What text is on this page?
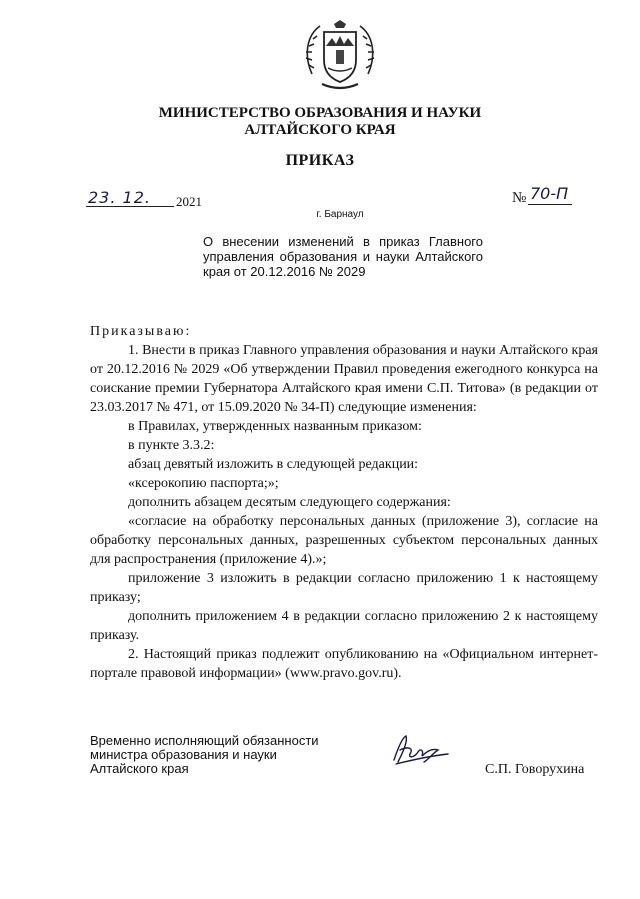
МИНИСТЕРСТВО ОБРАЗОВАНИЯ И НАУКИ
АЛТАЙСКОГО КРАЯ
ПРИКАЗ
23. 12. 2021	№ 70-П
г. Барнаул
О внесении изменений в приказ Главного управления образования и науки Алтайского края от 20.12.2016 № 2029

Приказываю:

1. Внести в приказ Главного управления образования и науки Алтайского края от 20.12.2016 № 2029 «Об утверждении Правил проведения ежегодного конкурса на соискание премии Губернатора Алтайского края имени С.П. Титова» (в редакции от 23.03.2017 № 471, от 15.09.2020 № 34-П) следующие изменения:

в Правилах, утвержденных названным приказом:

в пункте 3.3.2:

абзац девятый изложить в следующей редакции:

«ксерокопию паспорта;»;

дополнить абзацем десятым следующего содержания:

«согласие на обработку персональных данных (приложение 3), согласие на обработку персональных данных, разрешенных субъектом персональных данных для распространения (приложение 4).»;

приложение 3 изложить в редакции согласно приложению 1 к настоящему приказу;

дополнить приложением 4 в редакции согласно приложению 2 к настоящему приказу.

2. Настоящий приказ подлежит опубликованию на «Официальном интернет-портале правовой информации» (www.pravo.gov.ru).

Временно исполняющий обязанности
министра образования и науки
Алтайского края	С.П. Говорухина
